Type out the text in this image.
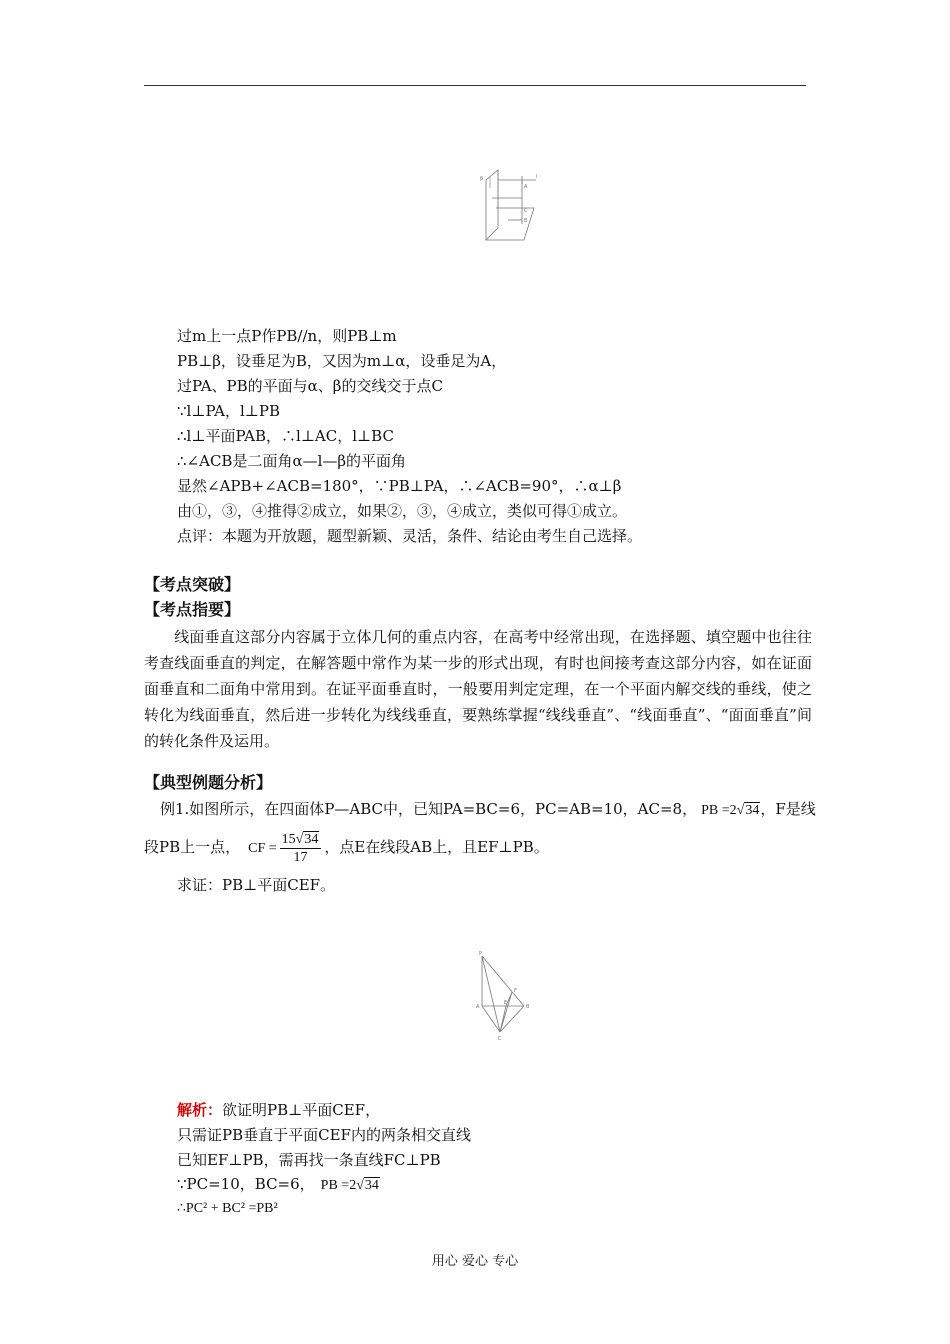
l
A
C
B
β
过m上一点P作PB//n，则PB⊥m
PB⊥β，设垂足为B，又因为m⊥α，设垂足为A，
过PA、PB的平面与α、β的交线交于点C
∵l⊥PA，l⊥PB
∴l⊥平面PAB，∴l⊥AC，l⊥BC
∴∠ACB是二面角α—l—β的平面角
显然∠APB+∠ACB=180°，∵PB⊥PA，∴∠ACB=90°，∴α⊥β
由①，③，④推得②成立，如果②，③，④成立，类似可得①成立。
点评：本题为开放题，题型新颖、灵活，条件、结论由考生自己选择。
【考点突破】
【考点指要】
线面垂直这部分内容属于立体几何的重点内容，在高考中经常出现，在选择题、填空题中也往往考查线面垂直的判定，在解答题中常作为某一步的形式出现，有时也间接考查这部分内容，如在证面面垂直和二面角中常用到。在证平面垂直时，一般要用判定定理，在一个平面内解交线的垂线，使之转化为线面垂直，然后进一步转化为线线垂直，要熟练掌握“线线垂直”、“线面垂直”、“面面垂直”间的转化条件及运用。
【典型例题分析】
例1.如图所示，在四面体P—ABC中，已知PA=BC=6，PC=AB=10，AC=8， PB =2√34，F是线
段PB上一点， CF = $\frac{15√34}{17}$ ，点E在线段AB上，且EF⊥PB。
求证：PB⊥平面CEF。
P
A	B
C
F
E
解析：欲证明PB⊥平面CEF，
只需证PB垂直于平面CEF内的两条相交直线
已知EF⊥PB，需再找一条直线FC⊥PB
∵PC=10，BC=6， PB =2√34
∴PC² + BC² =PB²
用心 爱心 专心
